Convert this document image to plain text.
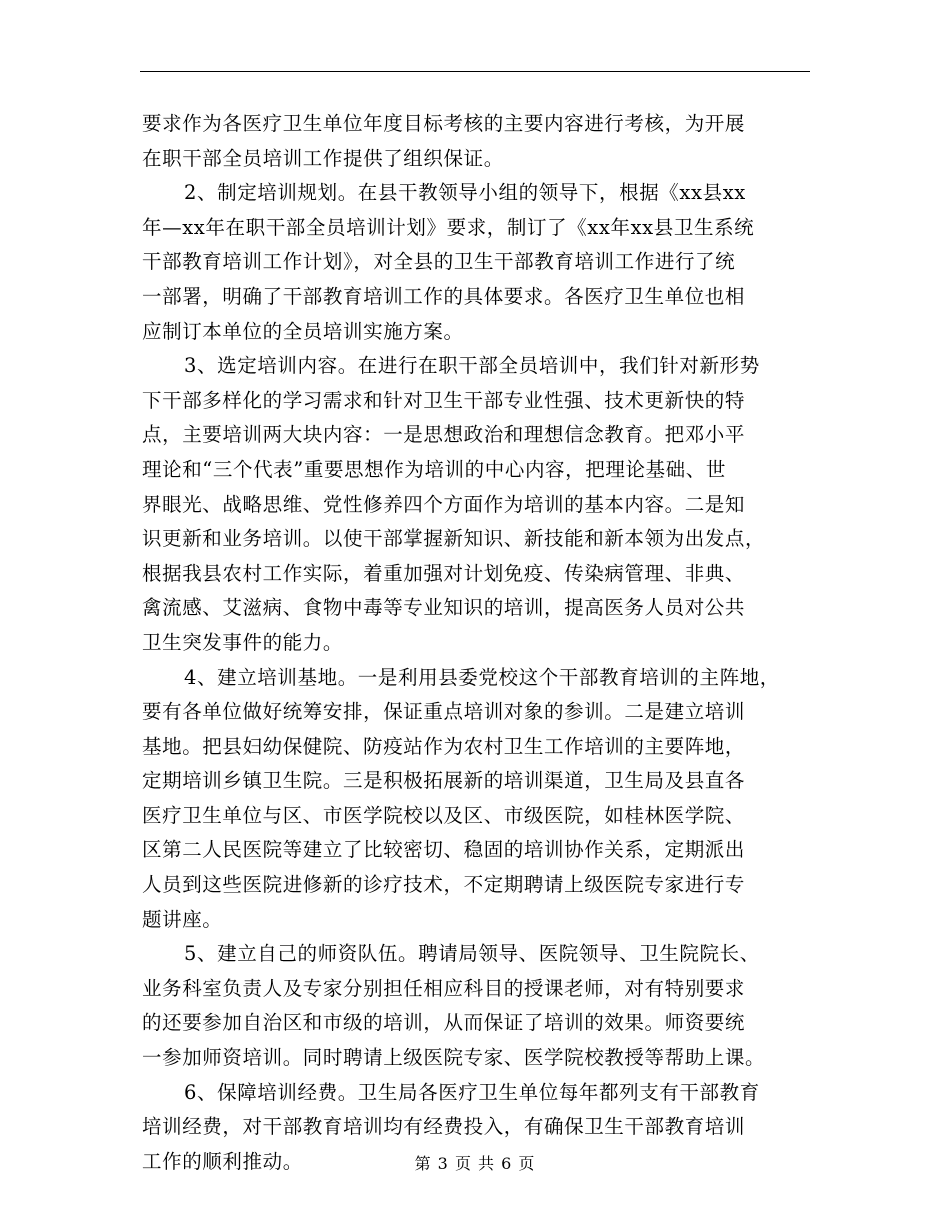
要求作为各医疗卫生单位年度目标考核的主要内容进行考核，为开展
在职干部全员培训工作提供了组织保证。
2、制定培训规划。在县干教领导小组的领导下，根据《xx县xx
年—xx年在职干部全员培训计划》要求，制订了《xx年xx县卫生系统
干部教育培训工作计划》，对全县的卫生干部教育培训工作进行了统
一部署，明确了干部教育培训工作的具体要求。各医疗卫生单位也相
应制订本单位的全员培训实施方案。
3、选定培训内容。在进行在职干部全员培训中，我们针对新形势
下干部多样化的学习需求和针对卫生干部专业性强、技术更新快的特
点，主要培训两大块内容：一是思想政治和理想信念教育。把邓小平
理论和“三个代表”重要思想作为培训的中心内容，把理论基础、世
界眼光、战略思维、党性修养四个方面作为培训的基本内容。二是知
识更新和业务培训。以使干部掌握新知识、新技能和新本领为出发点，
根据我县农村工作实际，着重加强对计划免疫、传染病管理、非典、
禽流感、艾滋病、食物中毒等专业知识的培训，提高医务人员对公共
卫生突发事件的能力。
4、建立培训基地。一是利用县委党校这个干部教育培训的主阵地，
要有各单位做好统筹安排，保证重点培训对象的参训。二是建立培训
基地。把县妇幼保健院、防疫站作为农村卫生工作培训的主要阵地，
定期培训乡镇卫生院。三是积极拓展新的培训渠道，卫生局及县直各
医疗卫生单位与区、市医学院校以及区、市级医院，如桂林医学院、
区第二人民医院等建立了比较密切、稳固的培训协作关系，定期派出
人员到这些医院进修新的诊疗技术，不定期聘请上级医院专家进行专
题讲座。
5、建立自己的师资队伍。聘请局领导、医院领导、卫生院院长、
业务科室负责人及专家分别担任相应科目的授课老师，对有特别要求
的还要参加自治区和市级的培训，从而保证了培训的效果。师资要统
一参加师资培训。同时聘请上级医院专家、医学院校教授等帮助上课。
6、保障培训经费。卫生局各医疗卫生单位每年都列支有干部教育
培训经费，对干部教育培训均有经费投入，有确保卫生干部教育培训
工作的顺利推动。	第 3 页 共 6 页
